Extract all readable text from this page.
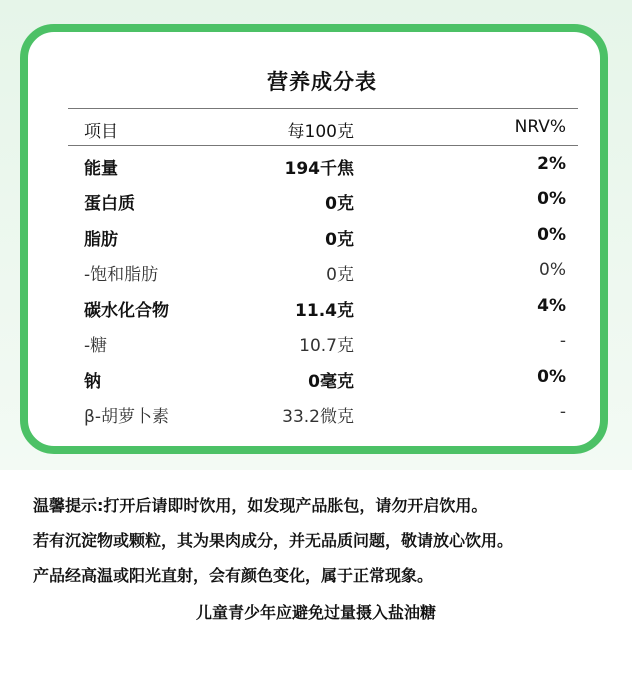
营养成分表
项目	每100克	NRV%
能量	194千焦	2%
蛋白质	0克	0%
脂肪	0克	0%
-饱和脂肪	0克	0%
碳水化合物	11.4克	4%
-糖	10.7克	-
钠	0毫克	0%
β-胡萝卜素	33.2微克	-
温馨提示:打开后请即时饮用，如发现产品胀包，请勿开启饮用。
若有沉淀物或颗粒，其为果肉成分，并无品质问题，敬请放心饮用。
产品经高温或阳光直射，会有颜色变化，属于正常现象。
儿童青少年应避免过量摄入盐油糖
